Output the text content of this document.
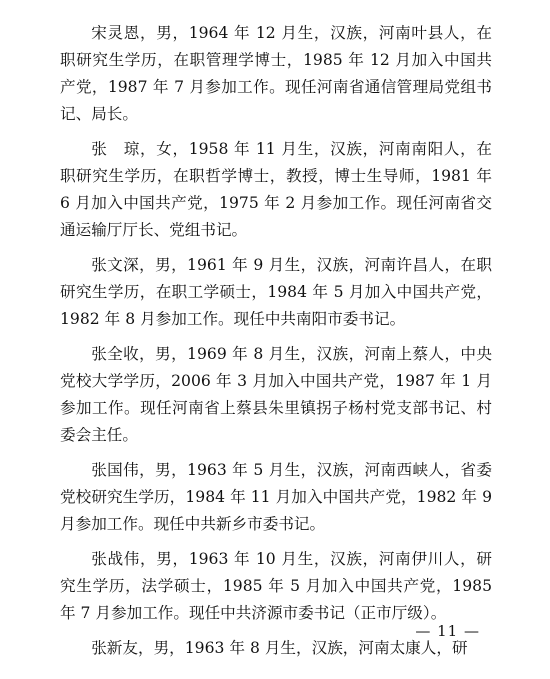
宋灵恩，男，1964 年 12 月生，汉族，河南叶县人，在职研究生学历，在职管理学博士，1985 年 12 月加入中国共产党，1987 年 7 月参加工作。现任河南省通信管理局党组书记、局长。

张　琼，女，1958 年 11 月生，汉族，河南南阳人，在职研究生学历，在职哲学博士，教授，博士生导师，1981 年 6 月加入中国共产党，1975 年 2 月参加工作。现任河南省交通运输厅厅长、党组书记。

张文深，男，1961 年 9 月生，汉族，河南许昌人，在职研究生学历，在职工学硕士，1984 年 5 月加入中国共产党，1982 年 8 月参加工作。现任中共南阳市委书记。

张全收，男，1969 年 8 月生，汉族，河南上蔡人，中央党校大学学历，2006 年 3 月加入中国共产党，1987 年 1 月参加工作。现任河南省上蔡县朱里镇拐子杨村党支部书记、村委会主任。

张国伟，男，1963 年 5 月生，汉族，河南西峡人，省委党校研究生学历，1984 年 11 月加入中国共产党，1982 年 9 月参加工作。现任中共新乡市委书记。

张战伟，男，1963 年 10 月生，汉族，河南伊川人，研究生学历，法学硕士，1985 年 5 月加入中国共产党，1985 年 7 月参加工作。现任中共济源市委书记（正市厅级）。

张新友，男，1963 年 8 月生，汉族，河南太康人，研

— 11 —
